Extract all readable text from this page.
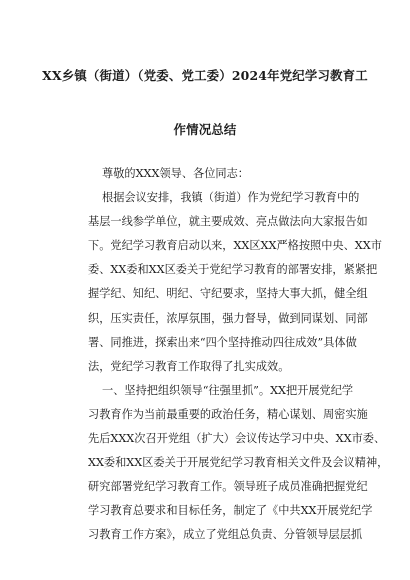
XX乡镇（街道）（党委、党工委）2024年党纪学习教育工
作情况总结
尊敬的XXX领导、各位同志：
根据会议安排，我镇（街道）作为党纪学习教育中的
基层一线参学单位，就主要成效、亮点做法向大家报告如
下。党纪学习教育启动以来，XX区XX严格按照中央、XX市
委、XX委和XX区委关于党纪学习教育的部署安排，紧紧把
握学纪、知纪、明纪、守纪要求，坚持大事大抓，健全组
织，压实责任，浓厚氛围，强力督导，做到同谋划、同部
署、同推进，探索出来“四个坚持推动四往成效”具体做
法，党纪学习教育工作取得了扎实成效。
一、坚持把组织领导“往强里抓”。XX把开展党纪学
习教育作为当前最重要的政治任务，精心谋划、周密实施
先后XXX次召开党组（扩大）会议传达学习中央、XX市委、
XX委和XX区委关于开展党纪学习教育相关文件及会议精神，
研究部署党纪学习教育工作。领导班子成员准确把握党纪
学习教育总要求和目标任务，制定了《中共XX开展党纪学
习教育工作方案》，成立了党组总负责、分管领导层层抓
